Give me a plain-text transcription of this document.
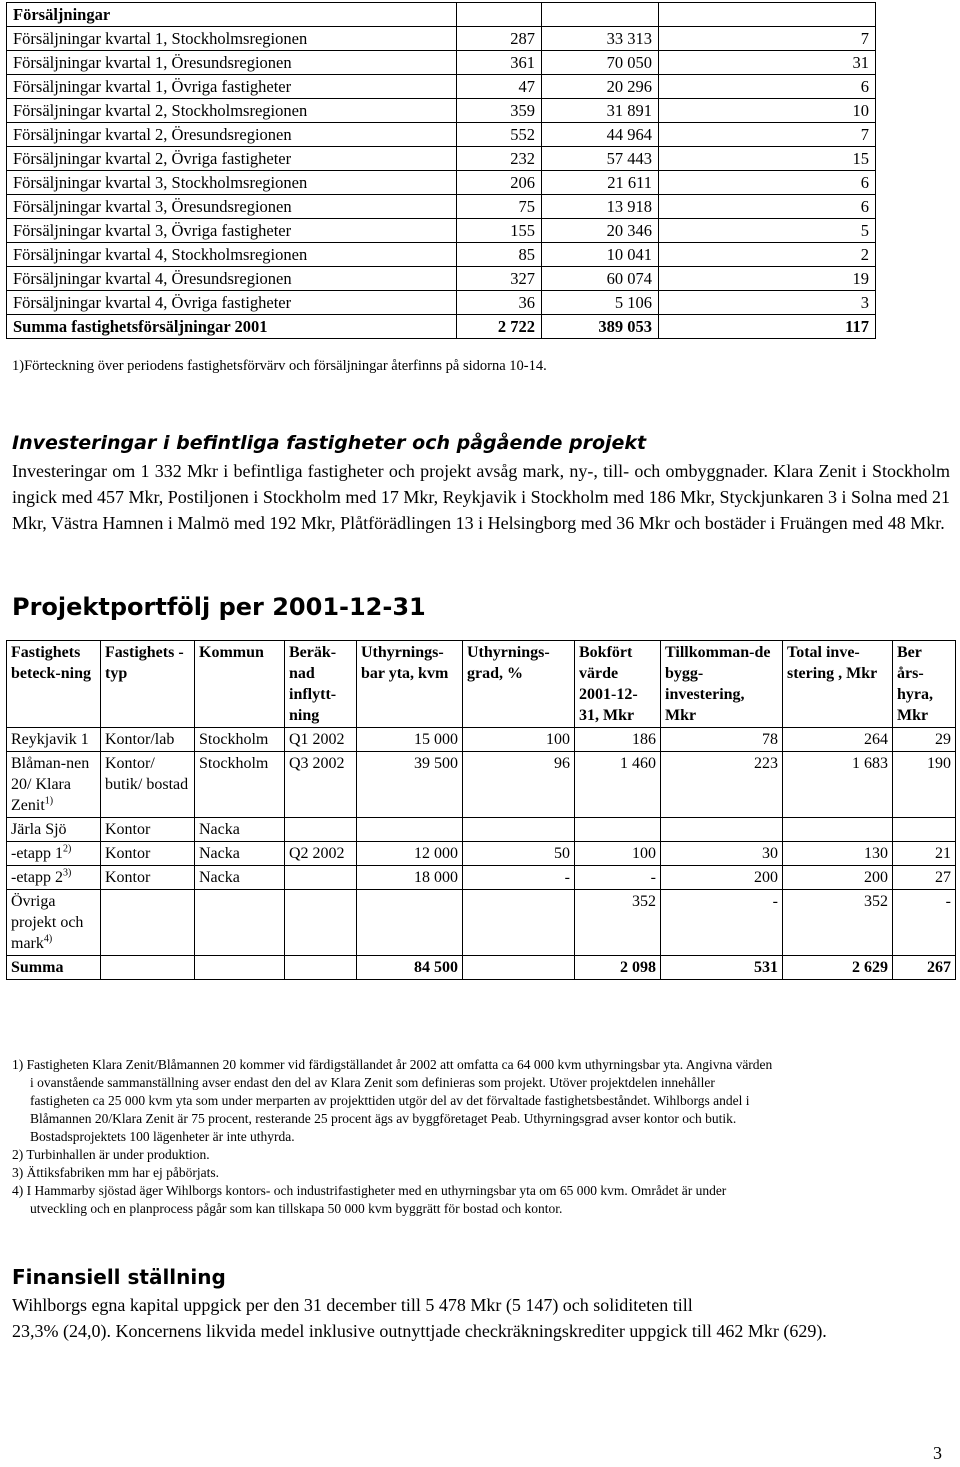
Försäljningar			
Försäljningar kvartal 1, Stockholmsregionen	287	33 313	7
Försäljningar kvartal 1, Öresundsregionen	361	70 050	31
Försäljningar kvartal 1, Övriga fastigheter	47	20 296	6
Försäljningar kvartal 2, Stockholmsregionen	359	31 891	10
Försäljningar kvartal 2, Öresundsregionen	552	44 964	7
Försäljningar kvartal 2, Övriga fastigheter	232	57 443	15
Försäljningar kvartal 3, Stockholmsregionen	206	21 611	6
Försäljningar kvartal 3, Öresundsregionen	75	13 918	6
Försäljningar kvartal 3, Övriga fastigheter	155	20 346	5
Försäljningar kvartal 4, Stockholmsregionen	85	10 041	2
Försäljningar kvartal 4, Öresundsregionen	327	60 074	19
Försäljningar kvartal 4, Övriga fastigheter	36	5 106	3
Summa fastighetsförsäljningar 2001	2 722	389 053	117
1)Förteckning över periodens fastighetsförvärv och försäljningar återfinns på sidorna 10-14.
Investeringar i befintliga fastigheter och pågående projekt
Investeringar om 1 332 Mkr i befintliga fastigheter och projekt avsåg mark, ny-, till- och ombyggnader. Klara Zenit i Stockholm ingick med 457 Mkr, Postiljonen i Stockholm med 17 Mkr, Reykjavik i Stockholm med 186 Mkr, Styckjunkaren 3 i Solna med 21 Mkr, Västra Hamnen i Malmö med 192 Mkr, Plåtförädlingen 13 i Helsingborg med 36 Mkr och bostäder i Fruängen med 48 Mkr.
Projektportfölj per 2001-12-31
Fastighets beteck-ning	Fastighets -typ	Kommun	Beräk-nad inflytt-ning	Uthyrnings-bar yta, kvm	Uthyrnings-grad, %	Bokfört värde 2001-12-31, Mkr	Tillkomman-de bygg-investering, Mkr	Total inve-stering , Mkr	Ber års-hyra, Mkr
Reykjavik 1	Kontor/lab	Stockholm	Q1 2002	15 000	100	186	78	264	29
Blåman-nen 20/ Klara Zenit$^{1)}$	Kontor/ butik/ bostad	Stockholm	Q3 2002	39 500	96	1 460	223	1 683	190
Järla Sjö	Kontor	Nacka							
-etapp 1$^{2)}$	Kontor	Nacka	Q2 2002	12 000	50	100	30	130	21
-etapp 2$^{3)}$	Kontor	Nacka		18 000	-	-	200	200	27
Övriga projekt och mark$^{4)}$						352	-	352	-
Summa				84 500		2 098	531	2 629	267
1) Fastigheten Klara Zenit/Blåmannen 20 kommer vid färdigställandet år 2002 att omfatta ca 64 000 kvm uthyrningsbar yta. Angivna värden
i ovanstående sammanställning avser endast den del av Klara Zenit som definieras som projekt. Utöver projektdelen innehåller
fastigheten ca 25 000 kvm yta som under merparten av projekttiden utgör del av det förvaltade fastighetsbeståndet. Wihlborgs andel i
Blåmannen 20/Klara Zenit är 75 procent, resterande 25 procent ägs av byggföretaget Peab. Uthyrningsgrad avser kontor och butik.
Bostadsprojektets 100 lägenheter är inte uthyrda.
2) Turbinhallen är under produktion.
3) Ättiksfabriken mm har ej påbörjats.
4) I Hammarby sjöstad äger Wihlborgs kontors- och industrifastigheter med en uthyrningsbar yta om 65 000 kvm. Området är under
utveckling och en planprocess pågår som kan tillskapa 50 000 kvm byggrätt för bostad och kontor.
Finansiell ställning
Wihlborgs egna kapital uppgick per den 31 december till 5 478 Mkr (5 147) och soliditeten till
23,3% (24,0). Koncernens likvida medel inklusive outnyttjade checkräkningskrediter uppgick till 462 Mkr (629).
3
